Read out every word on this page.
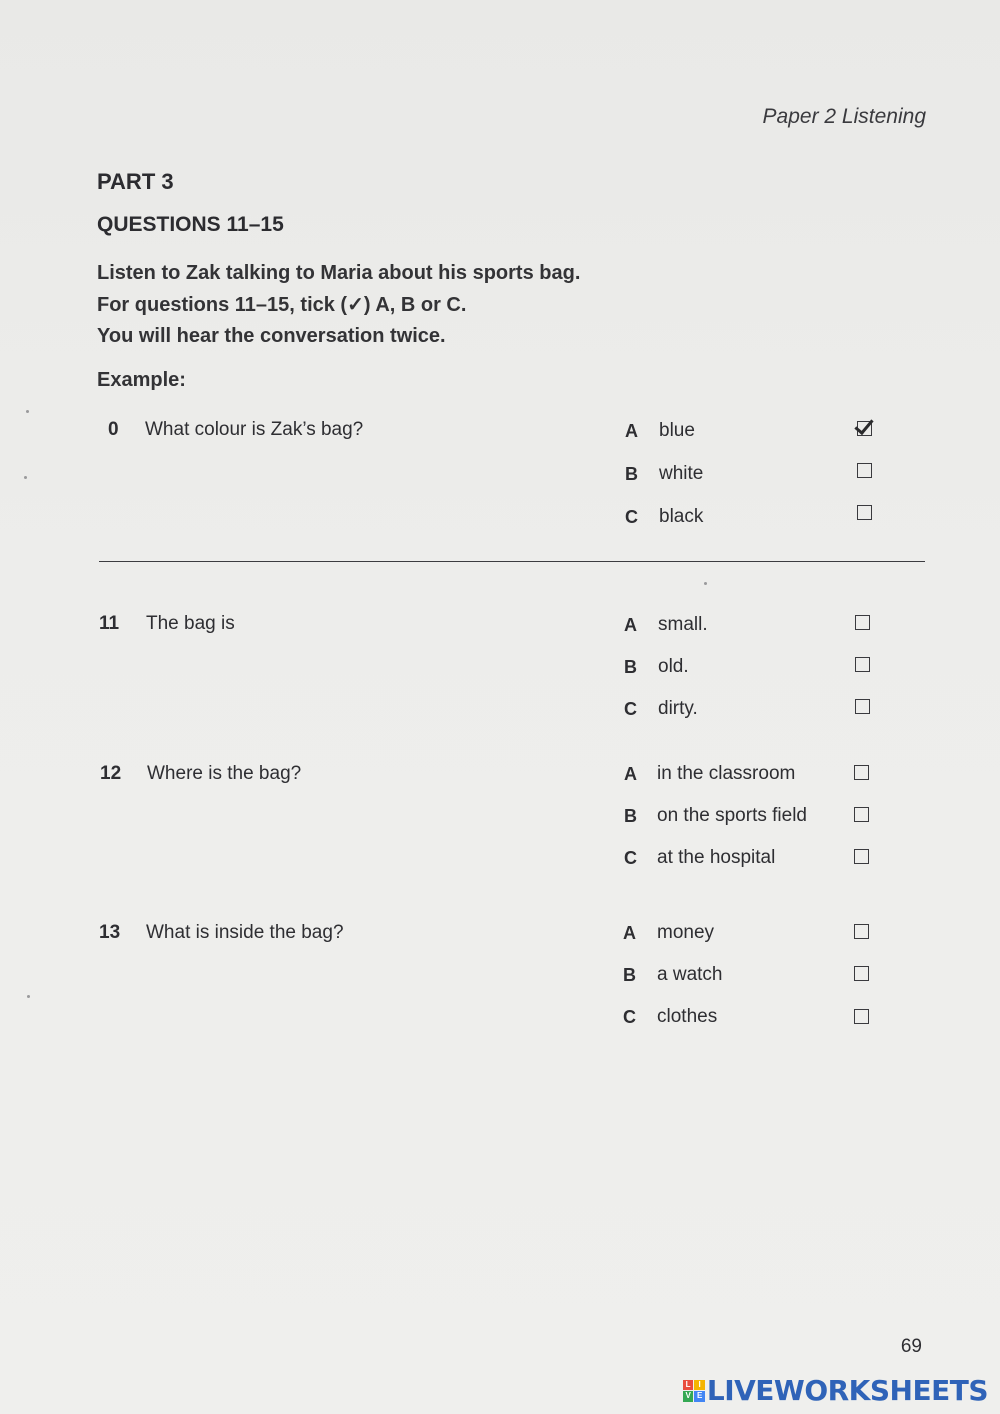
Paper 2 Listening
PART 3
QUESTIONS 11–15
Listen to Zak talking to Maria about his sports bag.
For questions 11–15, tick (✓) A, B or C.
You will hear the conversation twice.
Example:
0 What colour is Zak’s bag?	A blue
B white
C black
11 The bag is	A small.
B old.
C dirty.
12 Where is the bag?	A in the classroom
B on the sports field
C at the hospital
13 What is inside the bag?	A money
B a watch
C clothes
69
L I
V E LIVEWORKSHEETS
